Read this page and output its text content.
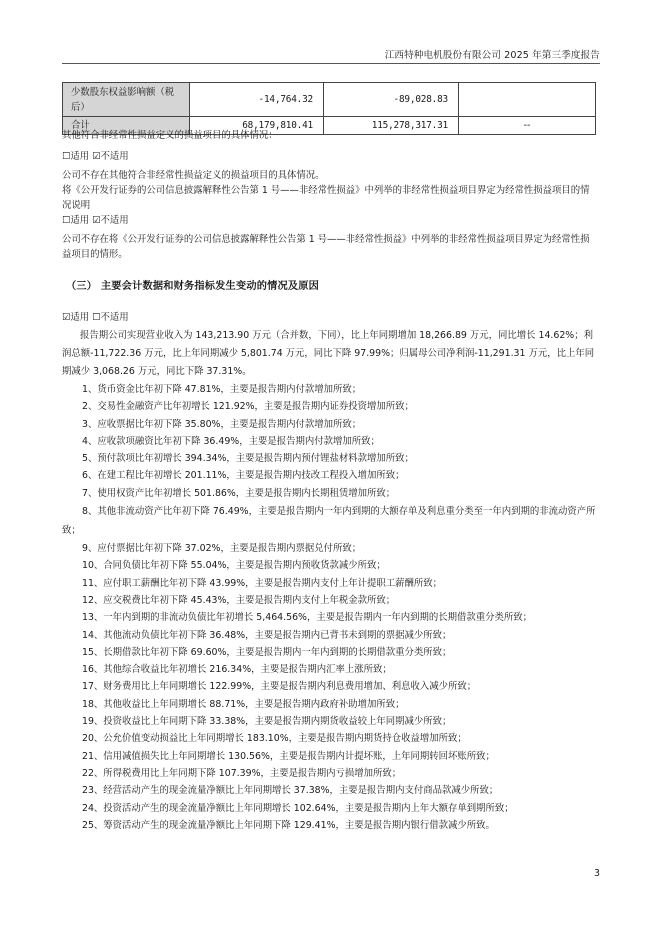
江西特种电机股份有限公司 2025 年第三季度报告
少数股东权益影响额（税后）	-14,764.32	-89,028.83	
合计	68,179,810.41	115,278,317.31	--
其他符合非经常性损益定义的损益项目的具体情况：
☐适用 ☑不适用
公司不存在其他符合非经常性损益定义的损益项目的具体情况。
将《公开发行证券的公司信息披露解释性公告第 1 号——非经常性损益》中列举的非经常性损益项目界定为经常性损益项目的情况说明
☐适用 ☑不适用
公司不存在将《公开发行证券的公司信息披露解释性公告第 1 号——非经常性损益》中列举的非经常性损益项目界定为经常性损益项目的情形。
（三） 主要会计数据和财务指标发生变动的情况及原因
☑适用 ☐不适用
报告期公司实现营业收入为 143,213.90 万元（合并数，下同），比上年同期增加 18,266.89 万元，同比增长 14.62%；利润总额-11,722.36 万元，比上年同期减少 5,801.74 万元，同比下降 97.99%；归属母公司净利润-11,291.31 万元，比上年同期减少 3,068.26 万元，同比下降 37.31%。
1、货币资金比年初下降 47.81%，主要是报告期内付款增加所致；
2、交易性金融资产比年初增长 121.92%，主要是报告期内证券投资增加所致；
3、应收票据比年初下降 35.80%，主要是报告期内付款增加所致；
4、应收款项融资比年初下降 36.49%，主要是报告期内付款增加所致；
5、预付款项比年初增长 394.34%，主要是报告期内预付锂盐材料款增加所致；
6、在建工程比年初增长 201.11%，主要是报告期内技改工程投入增加所致；
7、使用权资产比年初增长 501.86%，主要是报告期内长期租赁增加所致；
8、其他非流动资产比年初下降 76.49%，主要是报告期内一年内到期的大额存单及利息重分类至一年内到期的非流动资产所致；
9、应付票据比年初下降 37.02%，主要是报告期内票据兑付所致；
10、合同负债比年初下降 55.04%，主要是报告期内预收货款减少所致；
11、应付职工薪酬比年初下降 43.99%，主要是报告期内支付上年计提职工薪酬所致；
12、应交税费比年初下降 45.43%，主要是报告期内支付上年税金款所致；
13、一年内到期的非流动负债比年初增长 5,464.56%，主要是报告期内一年内到期的长期借款重分类所致；
14、其他流动负债比年初下降 36.48%，主要是报告期内已背书未到期的票据减少所致；
15、长期借款比年初下降 69.60%，主要是报告期内一年内到期的长期借款重分类所致；
16、其他综合收益比年初增长 216.34%，主要是报告期内汇率上涨所致；
17、财务费用比上年同期增长 122.99%，主要是报告期内利息费用增加、利息收入减少所致；
18、其他收益比上年同期增长 88.71%，主要是报告期内政府补助增加所致；
19、投资收益比上年同期下降 33.38%，主要是报告期内期货收益较上年同期减少所致；
20、公允价值变动损益比上年同期增长 183.10%，主要是报告期内期货持仓收益增加所致；
21、信用减值损失比上年同期增长 130.56%，主要是报告期内计提坏账，上年同期转回坏账所致；
22、所得税费用比上年同期下降 107.39%，主要是报告期内亏损增加所致；
23、经营活动产生的现金流量净额比上年同期增长 37.38%，主要是报告期内支付商品款减少所致；
24、投资活动产生的现金流量净额比上年同期增长 102.64%，主要是报告期内上年大额存单到期所致；
25、筹资活动产生的现金流量净额比上年同期下降 129.41%，主要是报告期内银行借款减少所致。
3
